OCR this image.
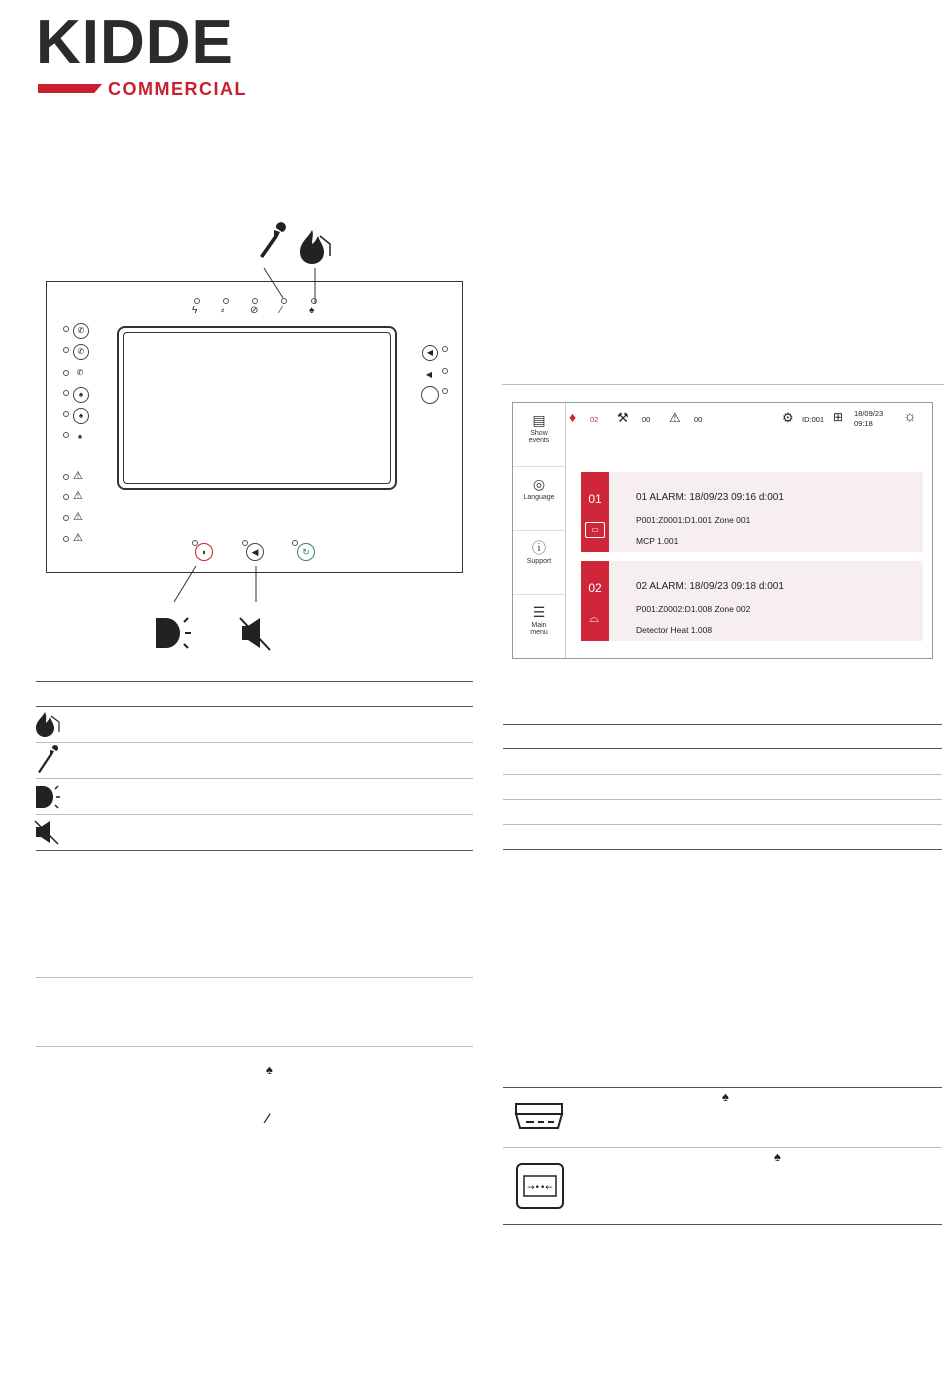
KIDDE
COMMERCIAL
ϟ ⸗	⊘ ⁄	♠
✆
✆
✆
♠
♠
♠
⚠
⚠
⚠
⚠
◀
◀
◗	◀	↻
♠
⁄
▤
Show
events
◎
Language
ⓘ
Support
☰
Main
menu
♦ 02 ⚒ 00 ⚠ 00	⚙ ID:001 ⊞ 18/09/23
09:18 ☼
01
▭
01 ALARM: 18/09/23 09:16 d:001
P001:Z0001:D1.001 Zone 001
MCP 1.001
02
⌓
02 ALARM: 18/09/23 09:18 d:001
P001:Z0002:D1.008 Zone 002
Detector Heat 1.008
♠
♠
→••←
